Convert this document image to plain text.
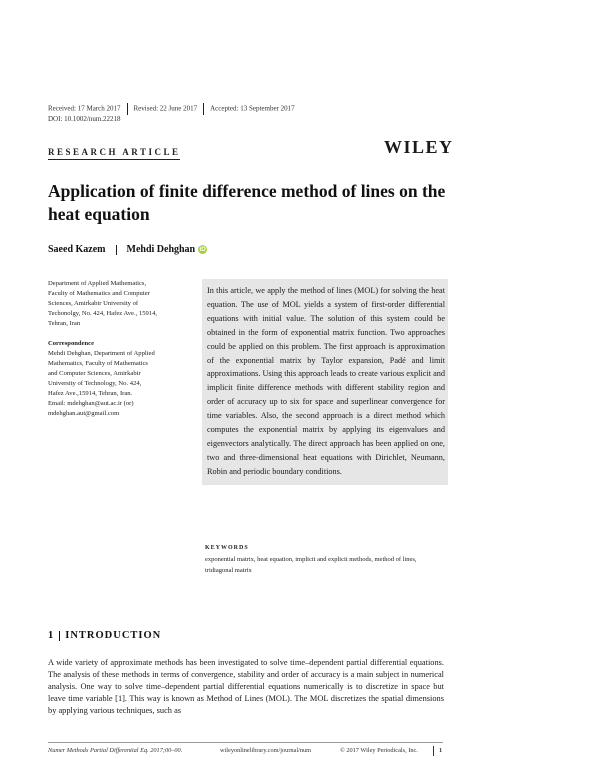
Received: 17 March 2017 Revised: 22 June 2017 Accepted: 13 September 2017
DOI: 10.1002/num.22218
RESEARCH ARTICLE	WILEY
Application of finite difference method of lines on the heat equation
Saeed Kazem Mehdi Dehghan iD
Department of Applied Mathematics,
Faculty of Mathematics and Computer
Sciences, Amirkabir University of
Techonolgy, No. 424, Hafez Ave., 15914,
Tehran, Iran
Correspondence
Mehdi Dehghan, Department of Applied
Mathematics, Faculty of Mathematics
and Computer Sciences, Amirkabir
University of Technology, No. 424,
Hafez Ave.,15914, Tehran, Iran.
Email: mdehghan@aut.ac.ir (or)
mdehghan.aut@gmail.com
In this article, we apply the method of lines (MOL) for solving the heat equation. The use of MOL yields a system of first-order differential equations with initial value. The solution of this system could be obtained in the form of exponential matrix function. Two approaches could be applied on this problem. The first approach is approximation of the exponential matrix by Taylor expansion, Padé and limit approximations. Using this approach leads to create various explicit and implicit finite difference methods with different stability region and order of accuracy up to six for space and superlinear convergence for time variables. Also, the second approach is a direct method which computes the exponential matrix by applying its eigenvalues and eigenvectors analytically. The direct approach has been applied on one, two and three-dimensional heat equations with Dirichlet, Neumann, Robin and periodic boundary conditions.
KEYWORDS
exponential matrix, heat equation, implicit and explicit methods, method of lines, tridiagonal matrix
1 INTRODUCTION
A wide variety of approximate methods has been investigated to solve time–dependent partial differential equations. The analysis of these methods in terms of convergence, stability and order of accuracy is a main subject in numerical analysis. One way to solve time–dependent partial differential equations numerically is to discretize in space but leave time variable [1]. This way is known as Method of Lines (MOL). The MOL discretizes the spatial dimensions by applying various techniques, such as
Numer Methods Partial Differential Eq. 2017;00–00.	wileyonlinelibrary.com/journal/num	© 2017 Wiley Periodicals, Inc.	1
